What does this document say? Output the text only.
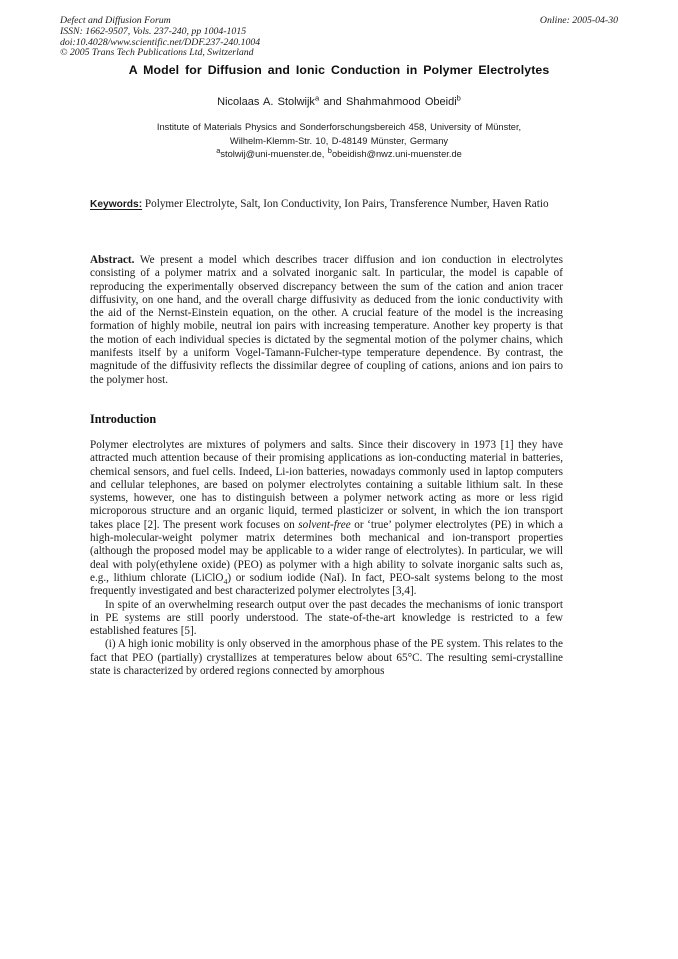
Defect and Diffusion Forum
ISSN: 1662-9507, Vols. 237-240, pp 1004-1015
doi:10.4028/www.scientific.net/DDF.237-240.1004
© 2005 Trans Tech Publications Ltd, Switzerland
Online: 2005-04-30
A Model for Diffusion and Ionic Conduction in Polymer Electrolytes
Nicolaas A. Stolwijk$^a$ and Shahmahmood Obeidi$^b$
Institute of Materials Physics and Sonderforschungsbereich 458, University of Münster,
Wilhelm-Klemm-Str. 10, D-48149 Münster, Germany
$^a$stolwij@uni-muenster.de, $^b$obeidish@nwz.uni-muenster.de
Keywords: Polymer Electrolyte, Salt, Ion Conductivity, Ion Pairs, Transference Number, Haven Ratio
Abstract. We present a model which describes tracer diffusion and ion conduction in electrolytes consisting of a polymer matrix and a solvated inorganic salt. In particular, the model is capable of reproducing the experimentally observed discrepancy between the sum of the cation and anion tracer diffusivity, on one hand, and the overall charge diffusivity as deduced from the ionic conductivity with the aid of the Nernst-Einstein equation, on the other. A crucial feature of the model is the increasing formation of highly mobile, neutral ion pairs with increasing temperature. Another key property is that the motion of each individual species is dictated by the segmental motion of the polymer chains, which manifests itself by a uniform Vogel-Tamann-Fulcher-type temperature dependence. By contrast, the magnitude of the diffusivity reflects the dissimilar degree of coupling of cations, anions and ion pairs to the polymer host.
Introduction

Polymer electrolytes are mixtures of polymers and salts. Since their discovery in 1973 [1] they have attracted much attention because of their promising applications as ion-conducting material in batteries, chemical sensors, and fuel cells. Indeed, Li-ion batteries, nowadays commonly used in laptop computers and cellular telephones, are based on polymer electrolytes containing a suitable lithium salt. In these systems, however, one has to distinguish between a polymer network acting as more or less rigid microporous structure and an organic liquid, termed plasticizer or solvent, in which the ion transport takes place [2]. The present work focuses on solvent-free or ‘true’ polymer electrolytes (PE) in which a high-molecular-weight polymer matrix determines both mechanical and ion-transport properties (although the proposed model may be applicable to a wider range of electrolytes). In particular, we will deal with poly(ethylene oxide) (PEO) as polymer with a high ability to solvate inorganic salts such as, e.g., lithium chlorate (LiClO$_4$) or sodium iodide (NaI). In fact, PEO-salt systems belong to the most frequently investigated and best characterized polymer electrolytes [3,4].

In spite of an overwhelming research output over the past decades the mechanisms of ionic transport in PE systems are still poorly understood. The state-of-the-art knowledge is restricted to a few established features [5].

(i) A high ionic mobility is only observed in the amorphous phase of the PE system. This relates to the fact that PEO (partially) crystallizes at temperatures below about 65°C. The resulting semi-crystalline state is characterized by ordered regions connected by amorphous
